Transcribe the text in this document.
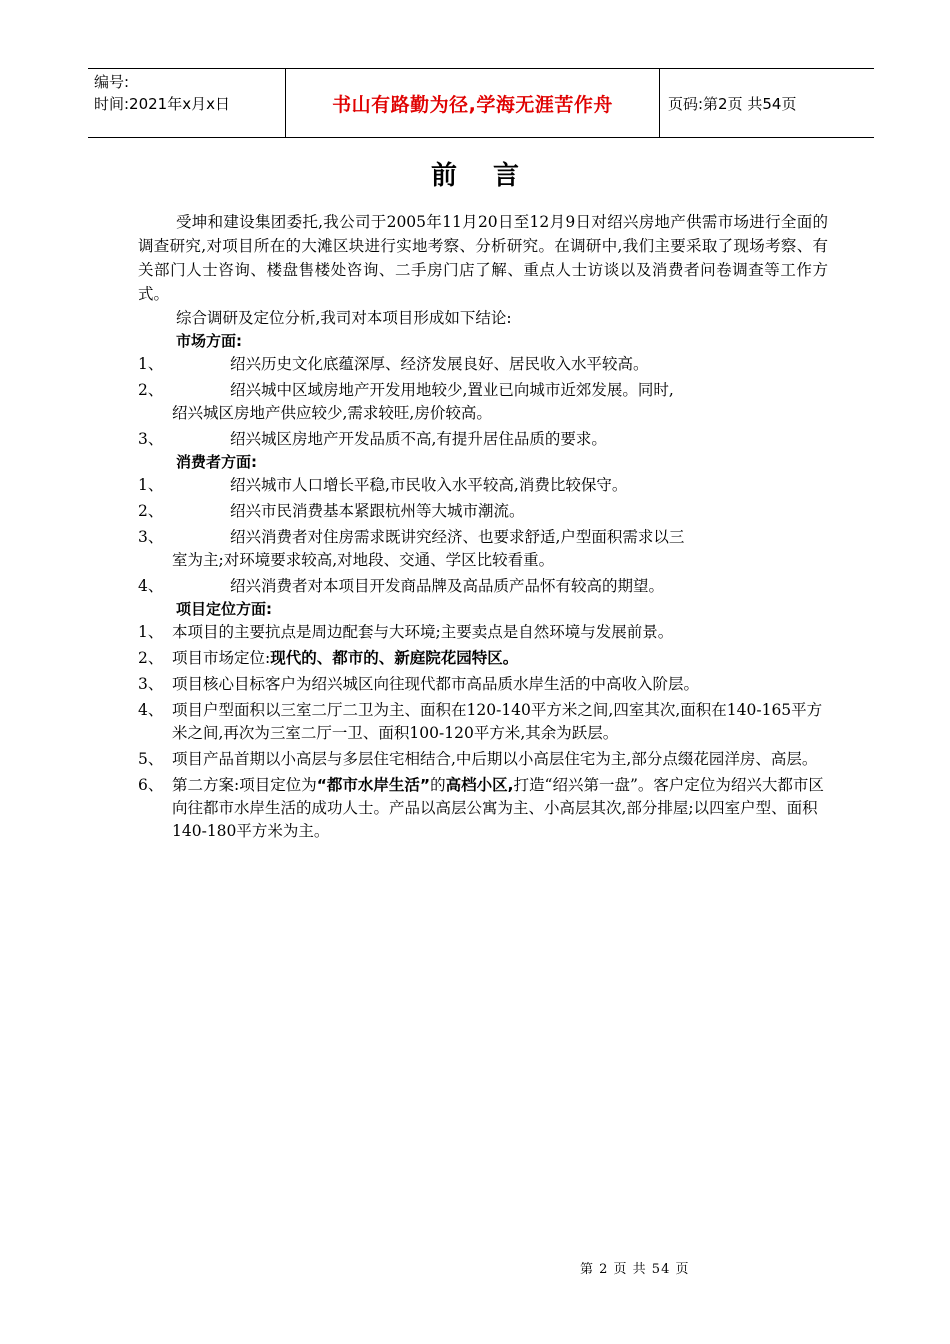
编号:
时间:2021年x月x日	书山有路勤为径,学海无涯苦作舟	页码:第2页 共54页
前言

受坤和建设集团委托,我公司于2005年11月20日至12月9日对绍兴房地产供需市场进行全面的调查研究,对项目所在的大滩区块进行实地考察、分析研究。在调研中,我们主要采取了现场考察、有关部门人士咨询、楼盘售楼处咨询、二手房门店了解、重点人士访谈以及消费者问卷调查等工作方式。

综合调研及定位分析,我司对本项目形成如下结论:

市场方面:
1、	绍兴历史文化底蕴深厚、经济发展良好、居民收入水平较高。
2、	绍兴城中区域房地产开发用地较少,置业已向城市近郊发展。同时,
绍兴城区房地产供应较少,需求较旺,房价较高。
3、	绍兴城区房地产开发品质不高,有提升居住品质的要求。
消费者方面:
1、	绍兴城市人口增长平稳,市民收入水平较高,消费比较保守。
2、	绍兴市民消费基本紧跟杭州等大城市潮流。
3、	绍兴消费者对住房需求既讲究经济、也要求舒适,户型面积需求以三
室为主;对环境要求较高,对地段、交通、学区比较看重。
4、	绍兴消费者对本项目开发商品牌及高品质产品怀有较高的期望。
项目定位方面:
1、 本项目的主要抗点是周边配套与大环境;主要卖点是自然环境与发展前景。
2、 项目市场定位:现代的、都市的、新庭院花园特区。
3、 项目核心目标客户为绍兴城区向往现代都市高品质水岸生活的中高收入阶层。
4、 项目户型面积以三室二厅二卫为主、面积在120-140平方米之间,四室其次,面积在140-165平方米之间,再次为三室二厅一卫、面积100-120平方米,其余为跃层。
5、 项目产品首期以小高层与多层住宅相结合,中后期以小高层住宅为主,部分点缀花园洋房、高层。
6、 第二方案:项目定位为“都市水岸生活”的高档小区,打造“绍兴第一盘”。客户定位为绍兴大都市区向往都市水岸生活的成功人士。产品以高层公寓为主、小高层其次,部分排屋;以四室户型、面积140-180平方米为主。
第 2 页 共 54 页
